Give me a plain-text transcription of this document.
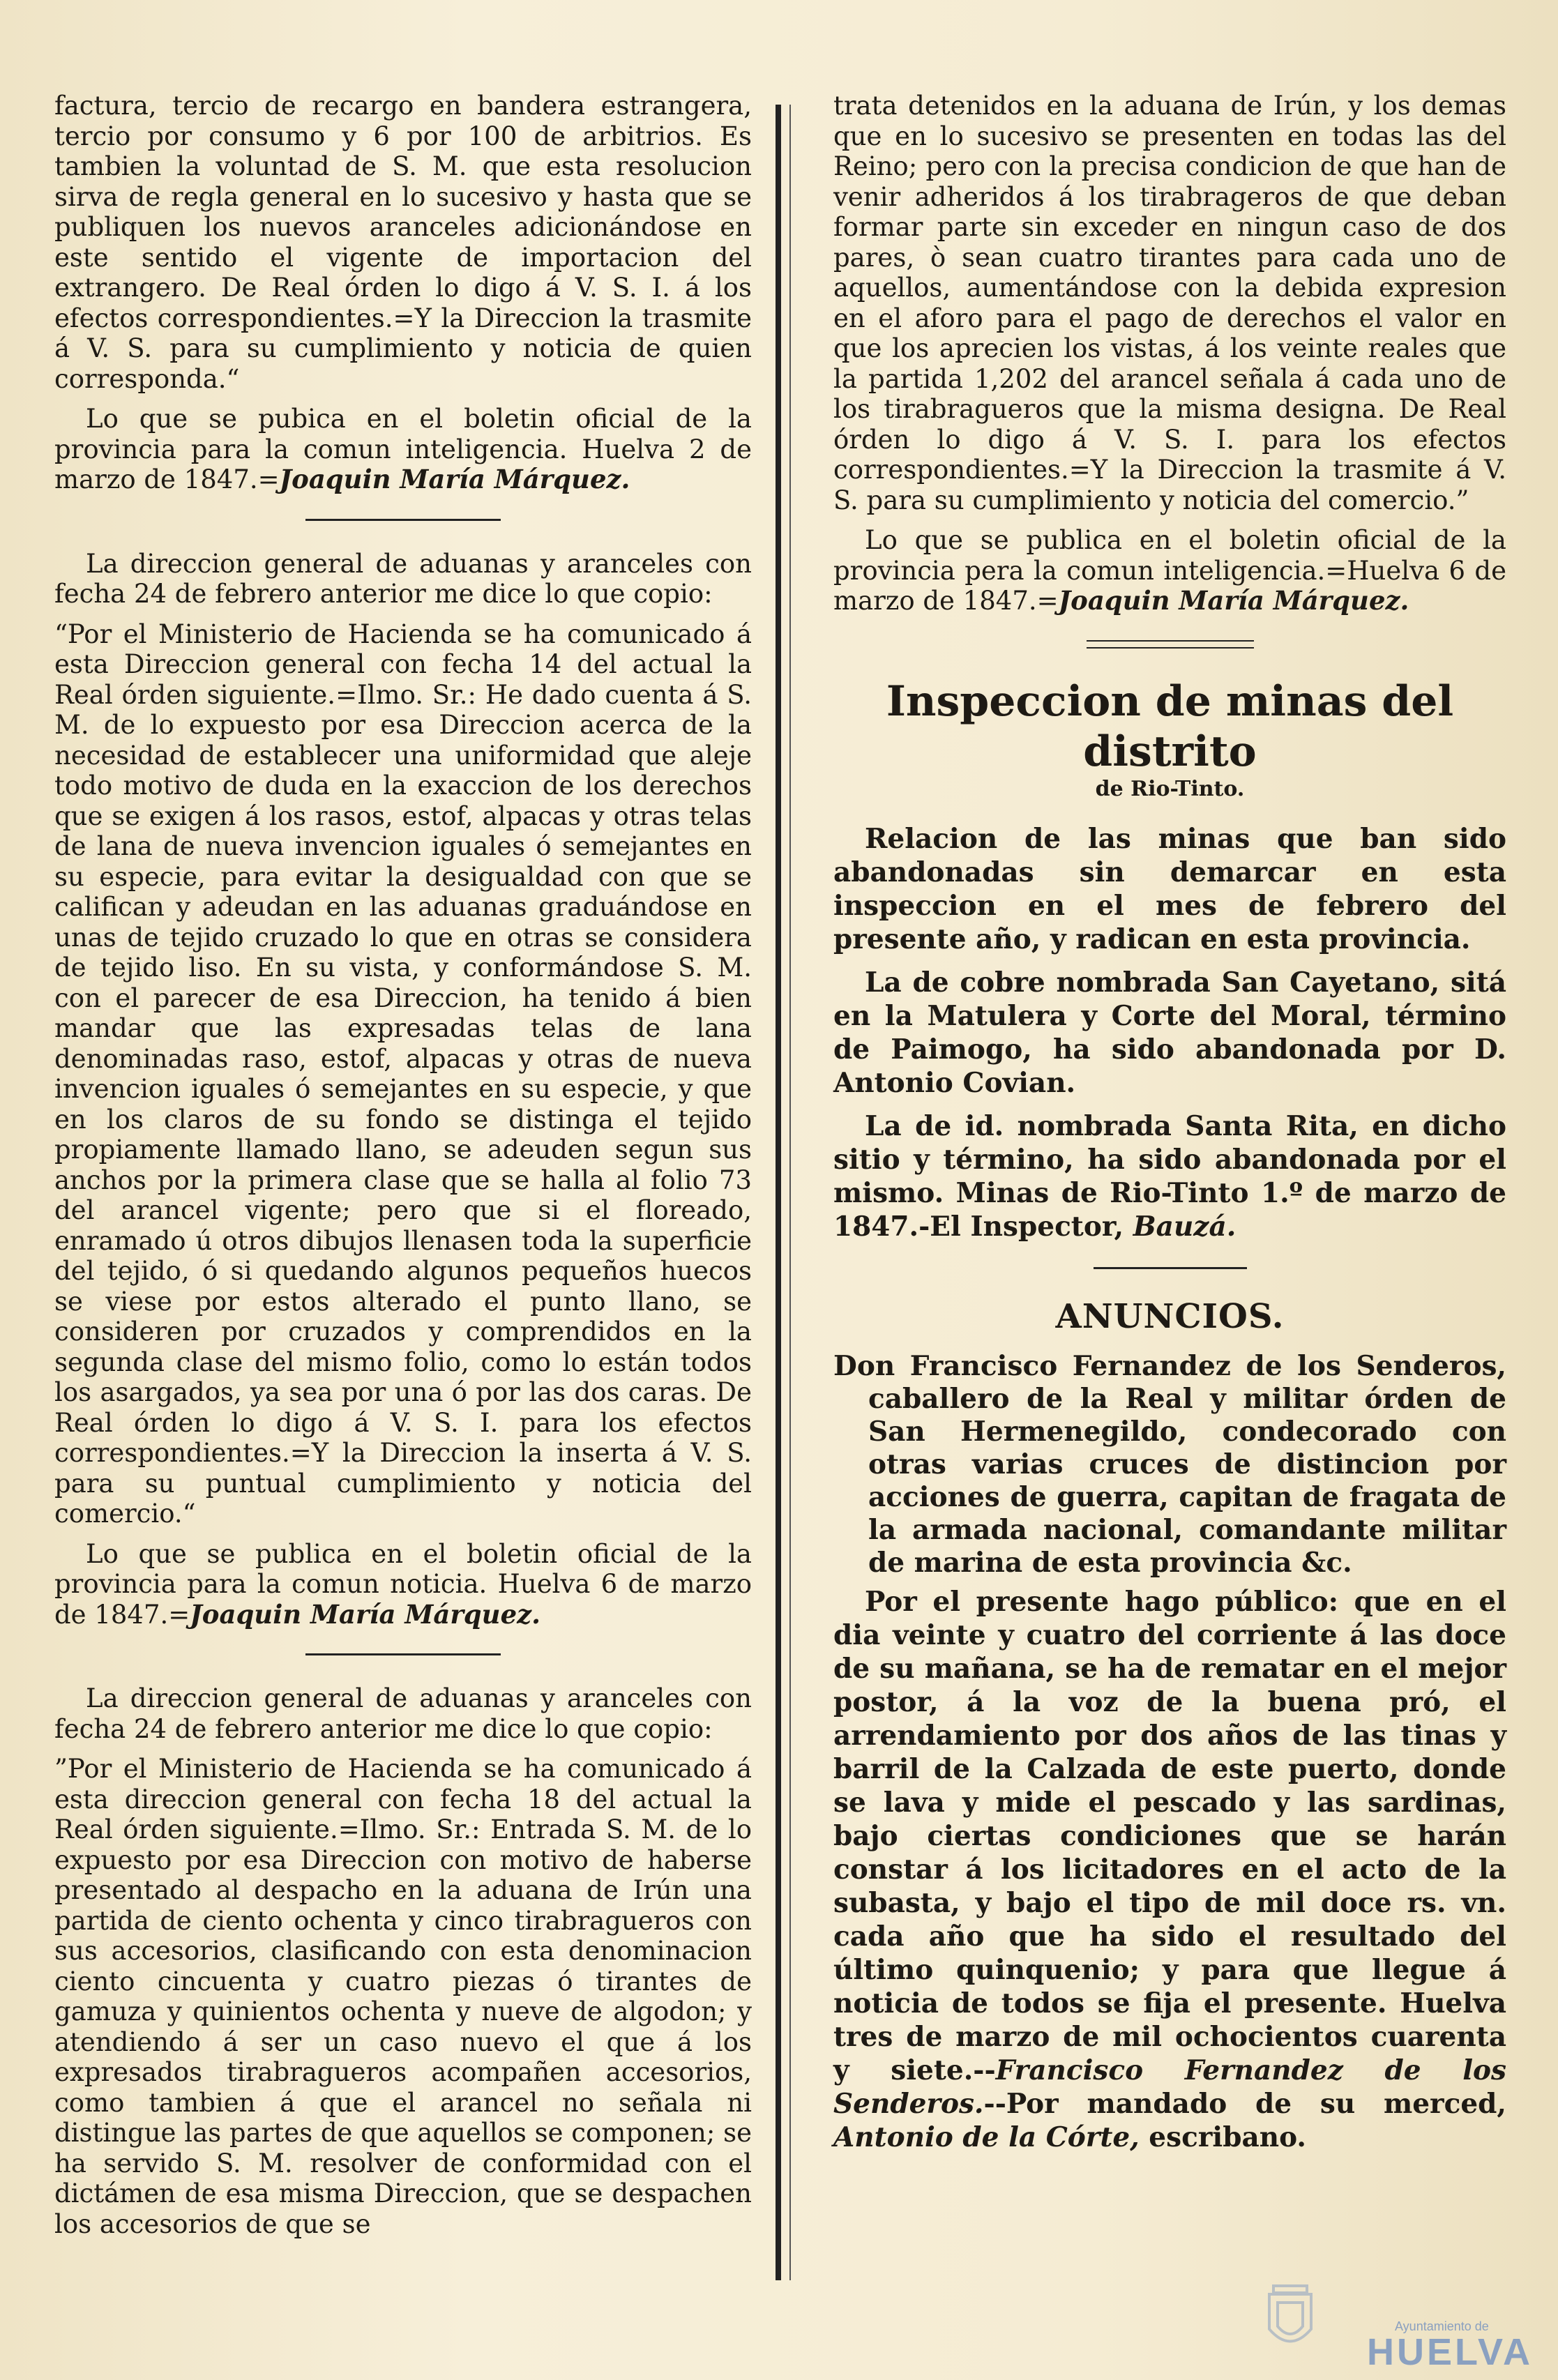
factura, tercio de recargo en bandera estrangera, tercio por consumo y 6 por 100 de arbitrios. Es tambien la voluntad de S. M. que esta resolucion sirva de regla general en lo sucesivo y hasta que se publiquen los nuevos aranceles adicionándose en este sentido el vigente de importacion del extrangero. De Real órden lo digo á V. S. I. á los efectos correspondientes.=Y la Direccion la trasmite á V. S. para su cumplimiento y noticia de quien corresponda.“

Lo que se pubica en el boletin oficial de la provincia para la comun inteligencia. Huelva 2 de marzo de 1847.=Joaquin María Márquez.

La direccion general de aduanas y aranceles con fecha 24 de febrero anterior me dice lo que copio:

“Por el Ministerio de Hacienda se ha comunicado á esta Direccion general con fecha 14 del actual la Real órden siguiente.=Ilmo. Sr.: He dado cuenta á S. M. de lo expuesto por esa Direccion acerca de la necesidad de establecer una uniformidad que aleje todo motivo de duda en la exaccion de los derechos que se exigen á los rasos, estof, alpacas y otras telas de lana de nueva invencion iguales ó semejantes en su especie, para evitar la desigualdad con que se califican y adeudan en las aduanas graduándose en unas de tejido cruzado lo que en otras se considera de tejido liso. En su vista, y conformándose S. M. con el parecer de esa Direccion, ha tenido á bien mandar que las expresadas telas de lana denominadas raso, estof, alpacas y otras de nueva invencion iguales ó semejantes en su especie, y que en los claros de su fondo se distinga el tejido propiamente llamado llano, se adeuden segun sus anchos por la primera clase que se halla al folio 73 del arancel vigente; pero que si el floreado, enramado ú otros dibujos llenasen toda la superficie del tejido, ó si quedando algunos pequeños huecos se viese por estos alterado el punto llano, se consideren por cruzados y comprendidos en la segunda clase del mismo folio, como lo están todos los asargados, ya sea por una ó por las dos caras. De Real órden lo digo á V. S. I. para los efectos correspondientes.=Y la Direccion la inserta á V. S. para su puntual cumplimiento y noticia del comercio.“

Lo que se publica en el boletin oficial de la provincia para la comun noticia. Huelva 6 de marzo de 1847.=Joaquin María Márquez.

La direccion general de aduanas y aranceles con fecha 24 de febrero anterior me dice lo que copio:

”Por el Ministerio de Hacienda se ha comunicado á esta direccion general con fecha 18 del actual la Real órden siguiente.=Ilmo. Sr.: Entrada S. M. de lo expuesto por esa Direccion con motivo de haberse presentado al despacho en la aduana de Irún una partida de ciento ochenta y cinco tirabragueros con sus accesorios, clasificando con esta denominacion ciento cincuenta y cuatro piezas ó tirantes de gamuza y quinientos ochenta y nueve de algodon; y atendiendo á ser un caso nuevo el que á los expresados tirabragueros acompañen accesorios, como tambien á que el arancel no señala ni distingue las partes de que aquellos se componen; se ha servido S. M. resolver de conformidad con el dictámen de esa misma Direccion, que se despachen los accesorios de que se

trata detenidos en la aduana de Irún, y los demas que en lo sucesivo se presenten en todas las del Reino; pero con la precisa condicion de que han de venir adheridos á los tirabrageros de que deban formar parte sin exceder en ningun caso de dos pares, ò sean cuatro tirantes para cada uno de aquellos, aumentándose con la debida expresion en el aforo para el pago de derechos el valor en que los aprecien los vistas, á los veinte reales que la partida 1,202 del arancel señala á cada uno de los tirabragueros que la misma designa. De Real órden lo digo á V. S. I. para los efectos correspondientes.=Y la Direccion la trasmite á V. S. para su cumplimiento y noticia del comercio.”

Lo que se publica en el boletin oficial de la provincia pera la comun inteligencia.=Huelva 6 de marzo de 1847.=Joaquin María Márquez.

Inspeccion de minas del distrito
de Rio-Tinto.

Relacion de las minas que ban sido abandonadas sin demarcar en esta inspeccion en el mes de febrero del presente año, y radican en esta provincia.

La de cobre nombrada San Cayetano, sitá en la Matulera y Corte del Moral, término de Paimogo, ha sido abandonada por D. Antonio Covian.

La de id. nombrada Santa Rita, en dicho sitio y término, ha sido abandonada por el mismo. Minas de Rio-Tinto 1.º de marzo de 1847.-El Inspector, Bauzá.

ANUNCIOS.

Don Francisco Fernandez de los Senderos, caballero de la Real y militar órden de San Hermenegildo, condecorado con otras varias cruces de distincion por acciones de guerra, capitan de fragata de la armada nacional, comandante militar de marina de esta provincia &c.

Por el presente hago público: que en el dia veinte y cuatro del corriente á las doce de su mañana, se ha de rematar en el mejor postor, á la voz de la buena pró, el arrendamiento por dos años de las tinas y barril de la Calzada de este puerto, donde se lava y mide el pescado y las sardinas, bajo ciertas condiciones que se harán constar á los licitadores en el acto de la subasta, y bajo el tipo de mil doce rs. vn. cada año que ha sido el resultado del último quinquenio; y para que llegue á noticia de todos se fija el presente. Huelva tres de marzo de mil ochocientos cuarenta y siete.--Francisco Fernandez de los Senderos.--Por mandado de su merced, Antonio de la Córte, escribano.

Ayuntamiento de
HUELVA
